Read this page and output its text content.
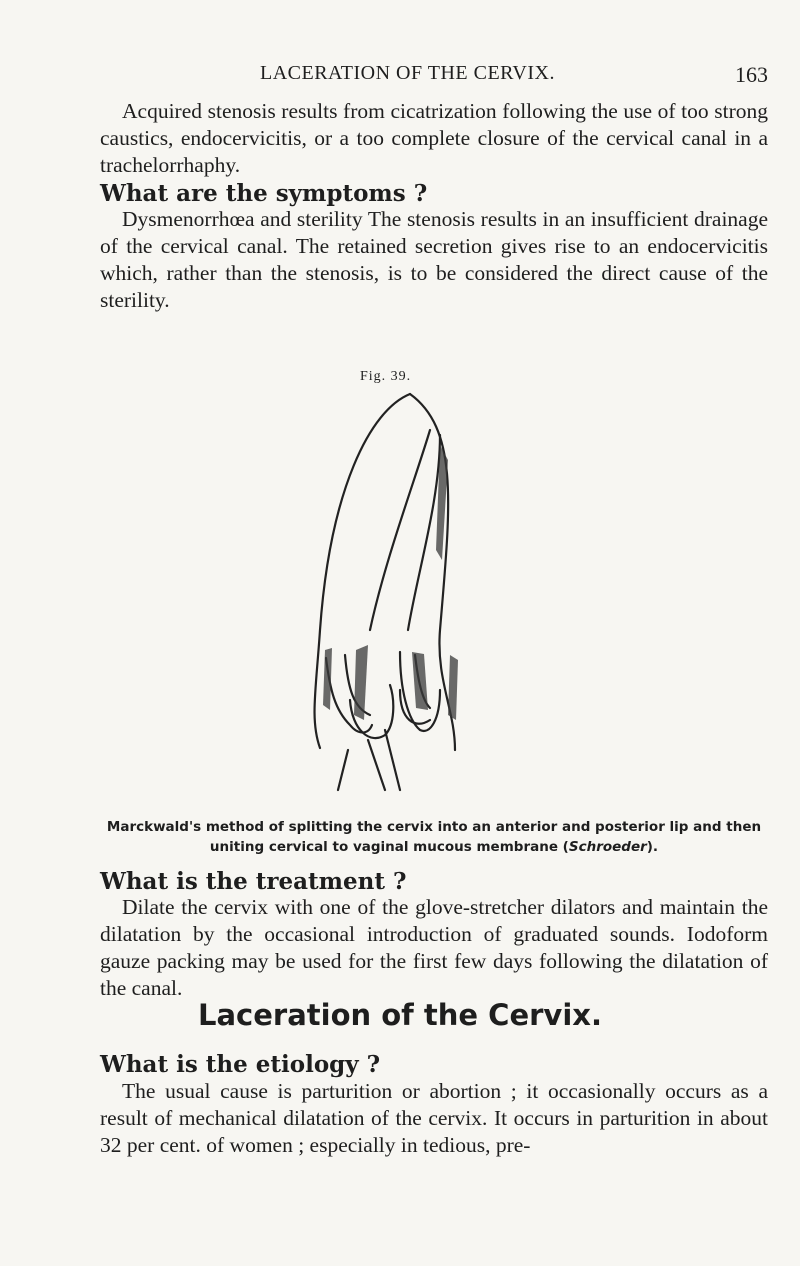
LACERATION OF THE CERVIX.	163

Acquired stenosis results from cicatrization following the use of too strong caustics, endocervicitis, or a too complete closure of the cervical canal in a trachelorrhaphy.

What are the symptoms ?

Dysmenorrhœa and sterility The stenosis results in an insufficient drainage of the cervical canal. The retained secretion gives rise to an endocervicitis which, rather than the stenosis, is to be considered the direct cause of the sterility.

Fig. 39.
Marckwald's method of splitting the cervix into an anterior and posterior lip and then uniting cervical to vaginal mucous membrane (Schroeder).
What is the treatment ?

Dilate the cervix with one of the glove-stretcher dilators and maintain the dilatation by the occasional introduction of graduated sounds. Iodoform gauze packing may be used for the first few days following the dilatation of the canal.

Laceration of the Cervix.
What is the etiology ?

The usual cause is parturition or abortion ; it occasionally occurs as a result of mechanical dilatation of the cervix. It occurs in parturition in about 32 per cent. of women ; especially in tedious, pre-
